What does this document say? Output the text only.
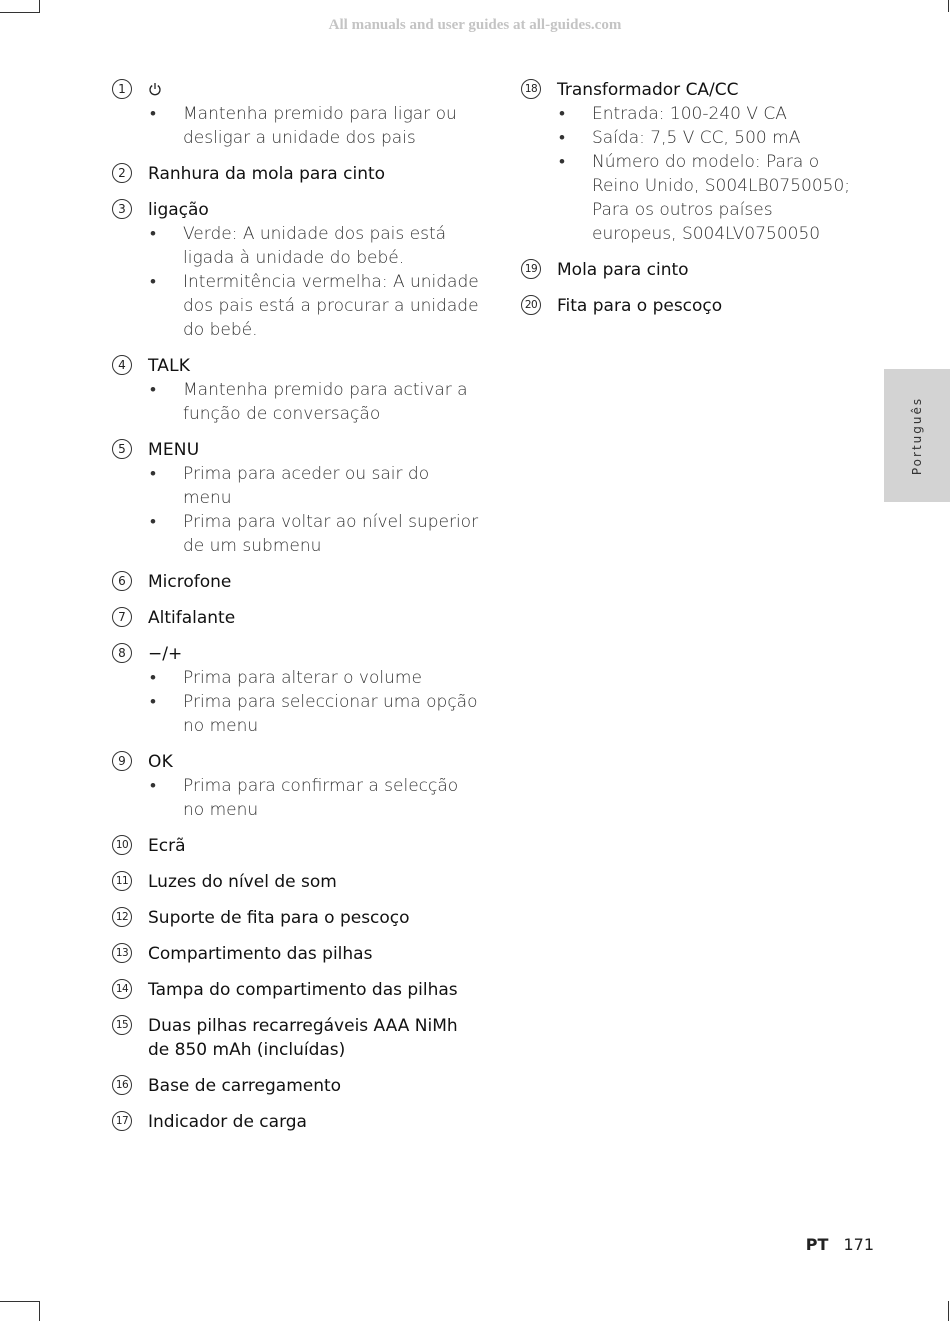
All manuals and user guides at all-guides.com
1
• Mantenha premido para ligar ou desligar a unidade dos pais
2	Ranhura da mola para cinto
3	ligação
• Verde: A unidade dos pais está ligada à unidade do bebé.
• Intermitência vermelha: A unidade dos pais está a procurar a unidade do bebé.
4	TALK
• Mantenha premido para activar a função de conversação
5	MENU
• Prima para aceder ou sair do menu
• Prima para voltar ao nível superior de um submenu
6	Microfone
7	Altifalante
8	−/+
• Prima para alterar o volume
• Prima para seleccionar uma opção no menu
9	OK
• Prima para confirmar a selecção no menu
10 Ecrã
11 Luzes do nível de som
12 Suporte de fita para o pescoço
13 Compartimento das pilhas
14 Tampa do compartimento das pilhas
15 Duas pilhas recarregáveis AAA NiMh de 850 mAh (incluídas)
16 Base de carregamento
17 Indicador de carga
18 Transformador CA/CC
• Entrada: 100-240 V CA
• Saída: 7,5 V CC, 500 mA
• Número do modelo: Para o Reino Unido, S004LB0750050; Para os outros países europeus, S004LV0750050
19 Mola para cinto
20 Fita para o pescoço
Português
PT 171
